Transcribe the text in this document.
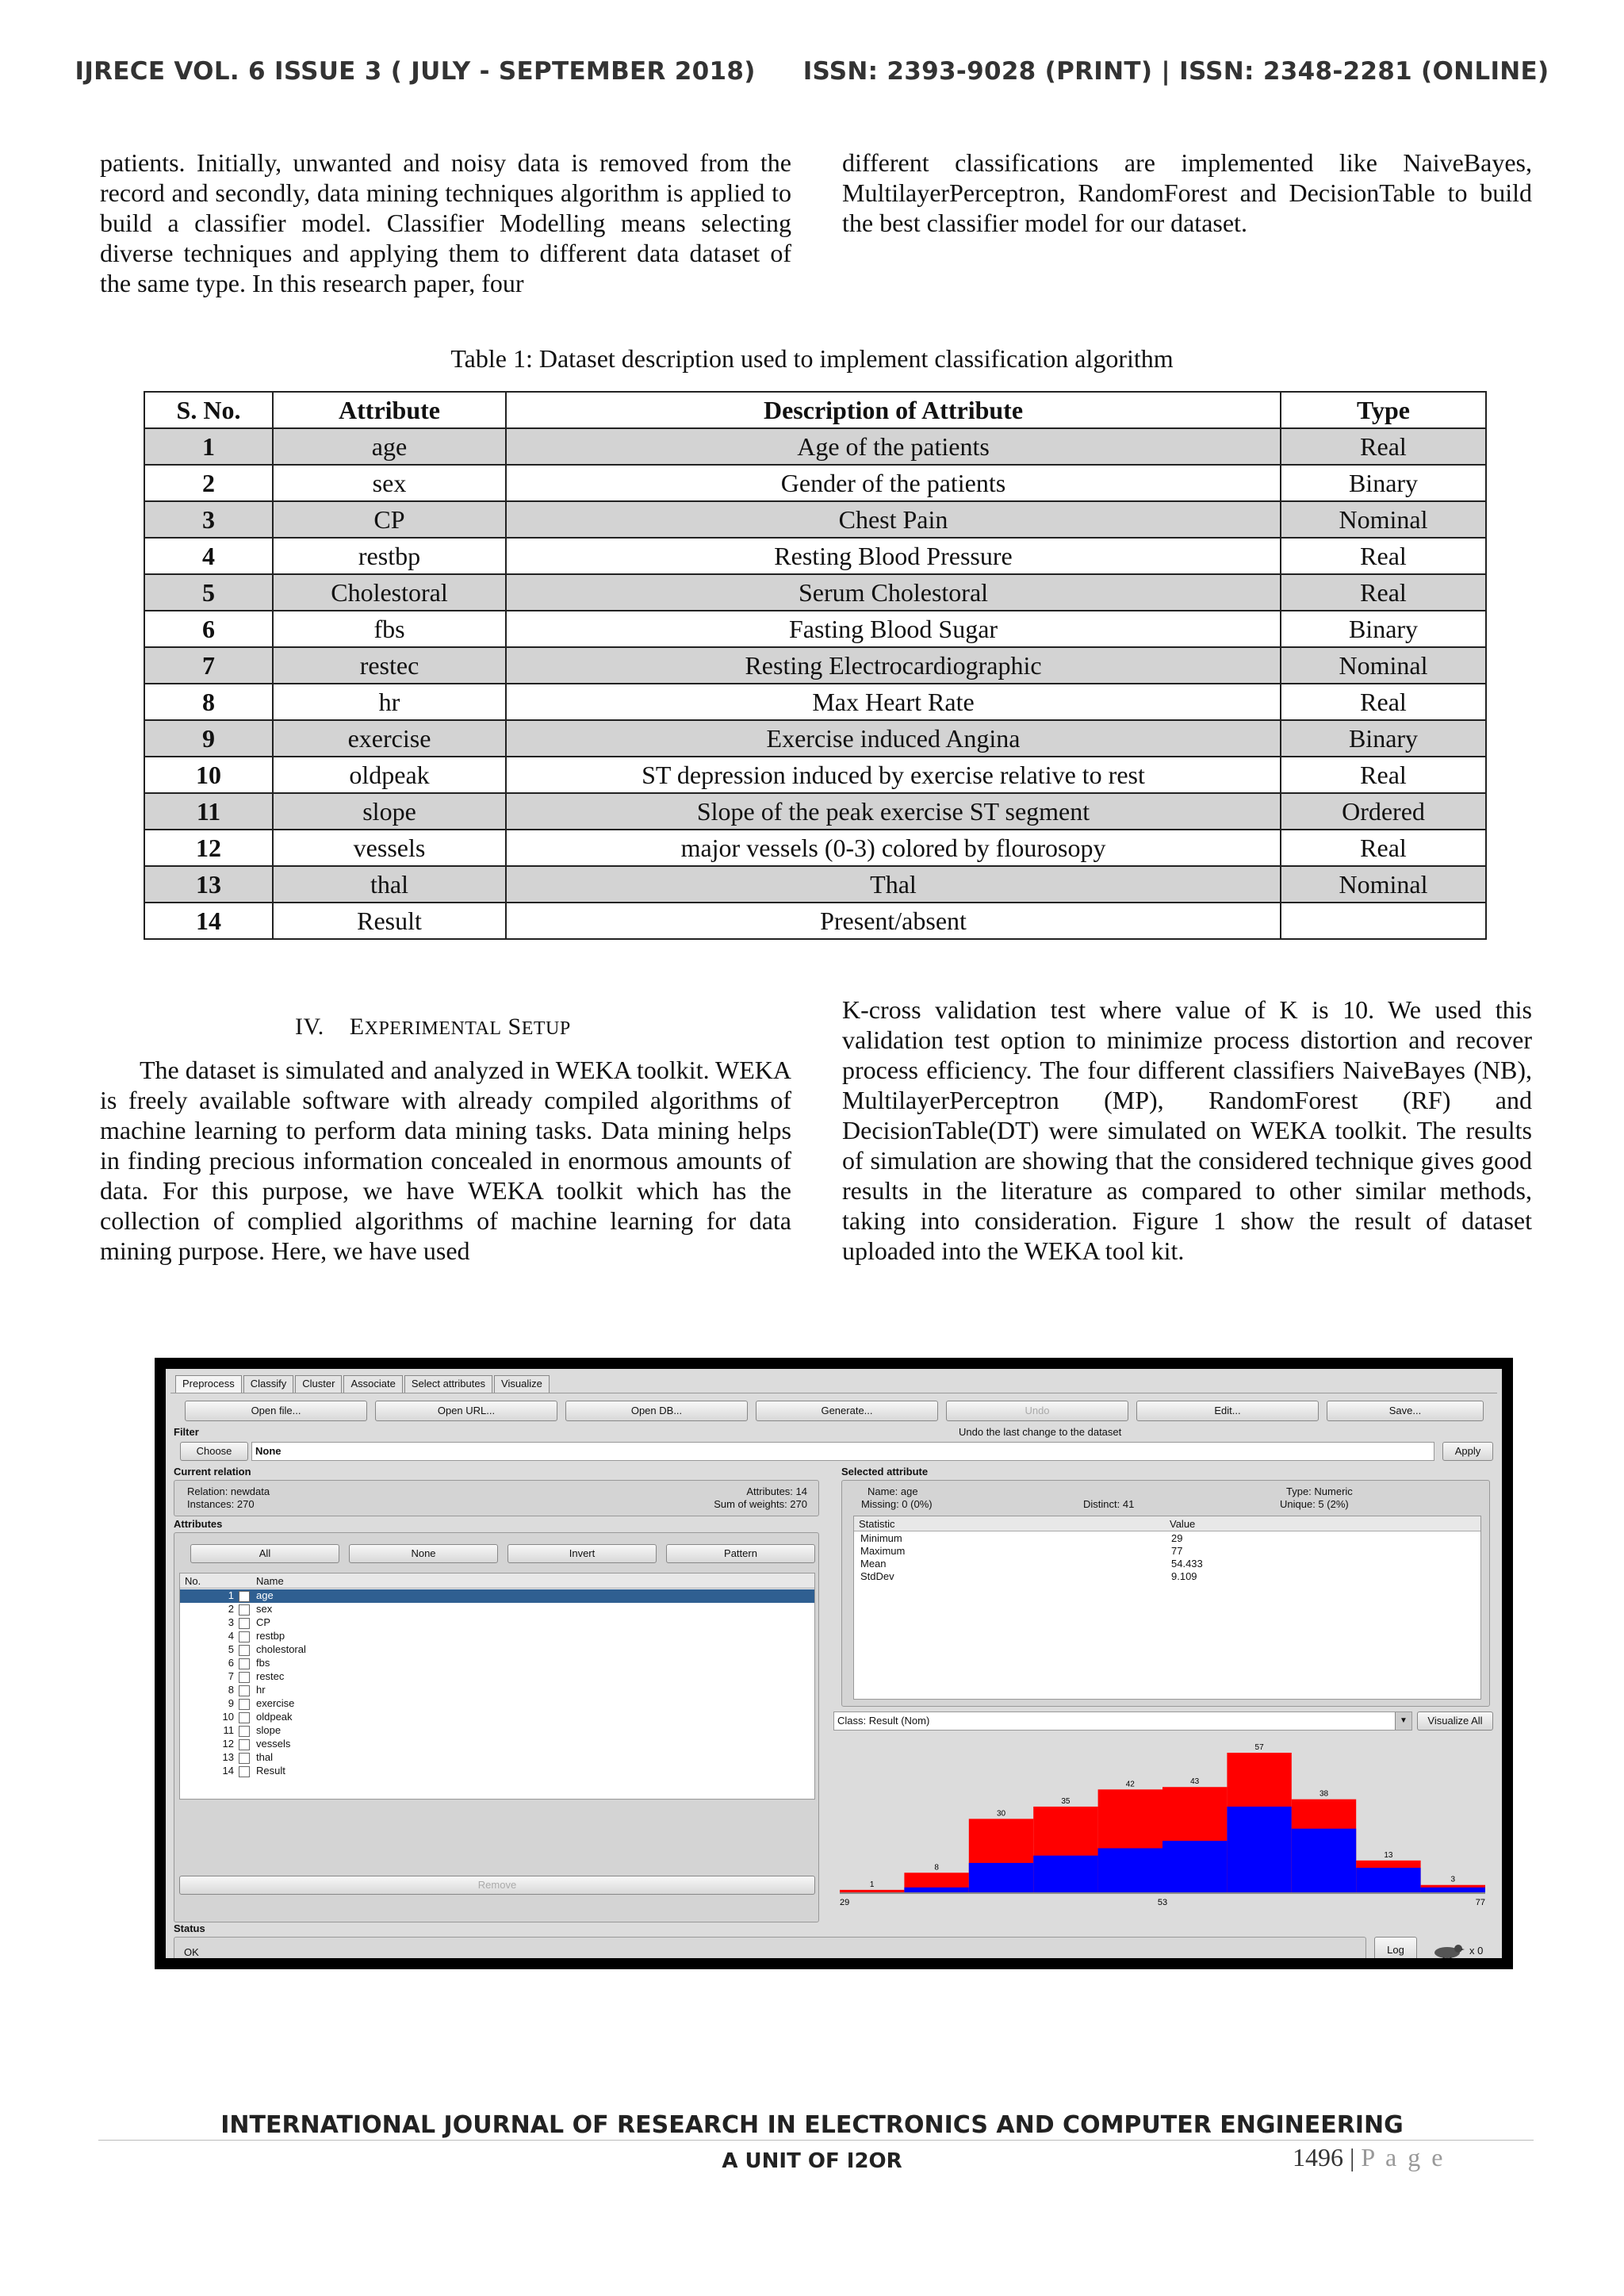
IJRECE VOL. 6 ISSUE 3 ( JULY - SEPTEMBER 2018) ISSN: 2393-9028 (PRINT) | ISSN: 2348-2281 (ONLINE)

patients. Initially, unwanted and noisy data is removed from the record and secondly, data mining techniques algorithm is applied to build a classifier model. Classifier Modelling means selecting diverse techniques and applying them to different data dataset of the same type. In this research paper, four

different classifications are implemented like NaiveBayes, MultilayerPerceptron, RandomForest and DecisionTable to build the best classifier model for our dataset.

Table 1: Dataset description used to implement classification algorithm
S. No.	Attribute	Description of Attribute	Type
1	age	Age of the patients	Real
2	sex	Gender of the patients	Binary
3	CP	Chest Pain	Nominal
4	restbp	Resting Blood Pressure	Real
5	Cholestoral	Serum Cholestoral	Real
6	fbs	Fasting Blood Sugar	Binary
7	restec	Resting Electrocardiographic	Nominal
8	hr	Max Heart Rate	Real
9	exercise	Exercise induced Angina	Binary
10	oldpeak	ST depression induced by exercise relative to rest	Real
11	slope	Slope of the peak exercise ST segment	Ordered
12	vessels	major vessels (0-3) colored by flourosopy	Real
13	thal	Thal	Nominal
14	Result	Present/absent	
IV. EXPERIMENTAL SETUP

The dataset is simulated and analyzed in WEKA toolkit. WEKA is freely available software with already compiled algorithms of machine learning to perform data mining tasks. Data mining helps in finding precious information concealed in enormous amounts of data. For this purpose, we have WEKA toolkit which has the collection of complied algorithms of machine learning for data mining purpose. Here, we have used

K-cross validation test where value of K is 10. We used this validation test option to minimize process distortion and recover process efficiency. The four different classifiers NaiveBayes (NB), MultilayerPerceptron (MP), RandomForest (RF) and DecisionTable(DT) were simulated on WEKA toolkit. The results of simulation are showing that the considered technique gives good results in the literature as compared to other similar methods, taking into consideration. Figure 1 show the result of dataset uploaded into the WEKA tool kit.

Preprocess	Classify	Cluster	Associate	Select attributes	Visualize
Open file...	Open URL...	Open DB...	Generate...	Undo	Edit...	Save...
Filter	Undo the last change to the dataset
Choose	None	Apply
Current relation
Relation: newdata
Instances: 270
Attributes: 14
Sum of weights: 270
Attributes
All	None	Invert	Pattern
No.	Name
1 age
2 sex
3 CP
4 restbp
5 cholestoral
6 fbs
7 restec
8 hr
9 exercise
10 oldpeak
11 slope
12 vessels
13 thal
14 Result
Remove
Selected attribute
Name: age
Missing: 0 (0%)	Distinct: 41
Type: Numeric
Unique: 5 (2%)
Statistic	Value
Minimum	29
Maximum	77
Mean	54.433
StdDev	9.109
Class: Result (Nom)	▼	Visualize All
1
8
30
35
42	43
57
38
13
3
29	53	77
Status
OK	Log	x 0
INTERNATIONAL JOURNAL OF RESEARCH IN ELECTRONICS AND COMPUTER ENGINEERING
A UNIT OF I2OR	1496 | P a g e
